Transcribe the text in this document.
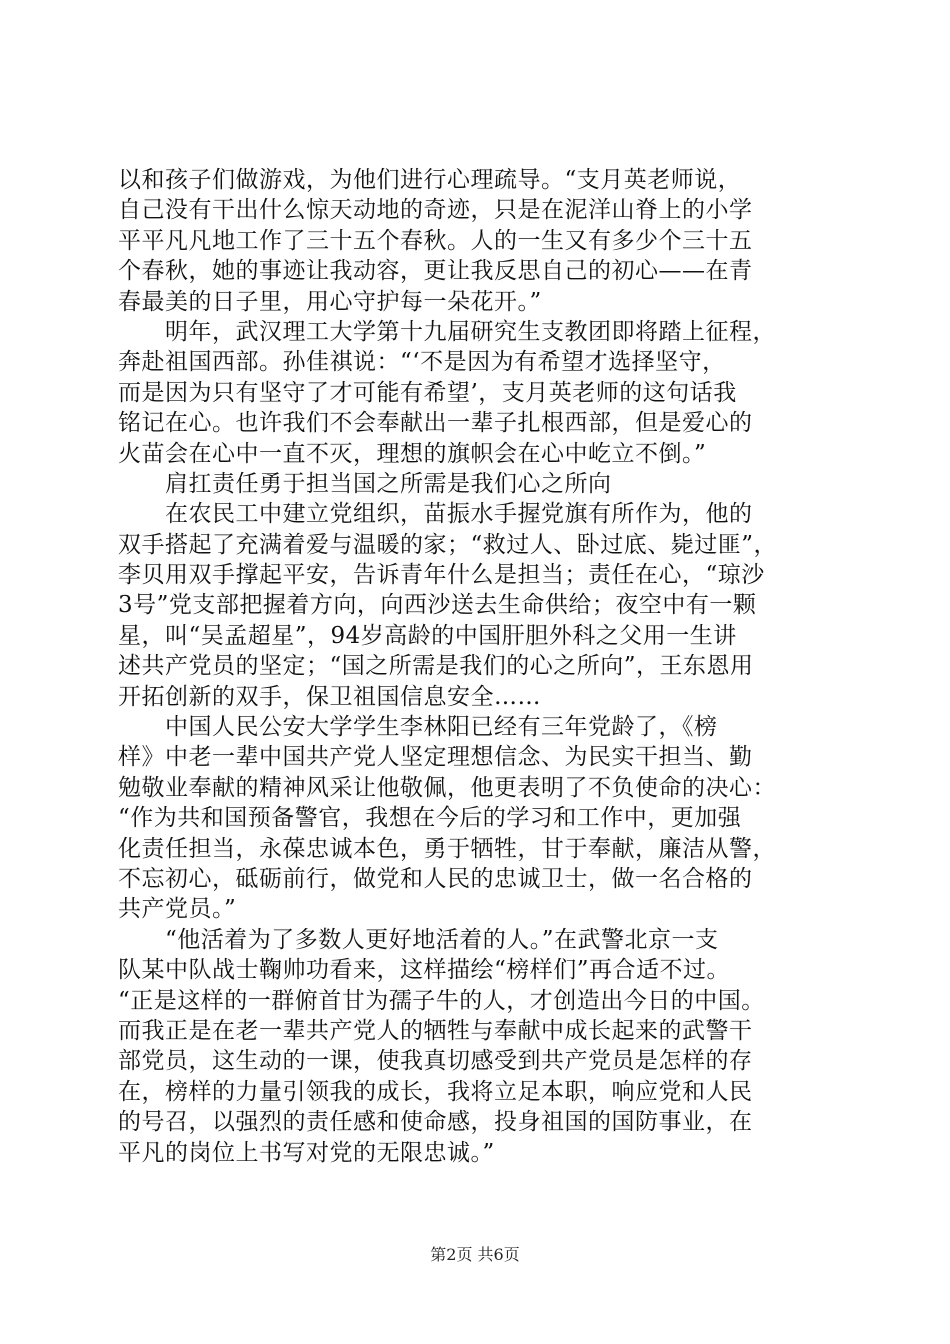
以和孩子们做游戏，为他们进行心理疏导。“支月英老师说，
自己没有干出什么惊天动地的奇迹，只是在泥洋山脊上的小学
平平凡凡地工作了三十五个春秋。人的一生又有多少个三十五
个春秋，她的事迹让我动容，更让我反思自己的初心——在青
春最美的日子里，用心守护每一朵花开。”
　　明年，武汉理工大学第十九届研究生支教团即将踏上征程，
奔赴祖国西部。孙佳祺说：“‘不是因为有希望才选择坚守，
而是因为只有坚守了才可能有希望’，支月英老师的这句话我
铭记在心。也许我们不会奉献出一辈子扎根西部，但是爱心的
火苗会在心中一直不灭，理想的旗帜会在心中屹立不倒。”
　　肩扛责任勇于担当国之所需是我们心之所向
　　在农民工中建立党组织，苗振水手握党旗有所作为，他的
双手搭起了充满着爱与温暖的家；“救过人、卧过底、毙过匪”，
李贝用双手撑起平安，告诉青年什么是担当；责任在心，“琼沙
3号”党支部把握着方向，向西沙送去生命供给；夜空中有一颗
星，叫“吴孟超星”，94岁高龄的中国肝胆外科之父用一生讲
述共产党员的坚定；“国之所需是我们的心之所向”，王东恩用
开拓创新的双手，保卫祖国信息安全……
　　中国人民公安大学学生李林阳已经有三年党龄了，《榜
样》中老一辈中国共产党人坚定理想信念、为民实干担当、勤
勉敬业奉献的精神风采让他敬佩，他更表明了不负使命的决心：
“作为共和国预备警官，我想在今后的学习和工作中，更加强
化责任担当，永葆忠诚本色，勇于牺牲，甘于奉献，廉洁从警，
不忘初心，砥砺前行，做党和人民的忠诚卫士，做一名合格的
共产党员。”
　　“他活着为了多数人更好地活着的人。”在武警北京一支
队某中队战士鞠帅功看来，这样描绘“榜样们”再合适不过。
“正是这样的一群俯首甘为孺子牛的人，才创造出今日的中国。
而我正是在老一辈共产党人的牺牲与奉献中成长起来的武警干
部党员，这生动的一课，使我真切感受到共产党员是怎样的存
在，榜样的力量引领我的成长，我将立足本职，响应党和人民
的号召，以强烈的责任感和使命感，投身祖国的国防事业，在
平凡的岗位上书写对党的无限忠诚。”
第2页 共6页
